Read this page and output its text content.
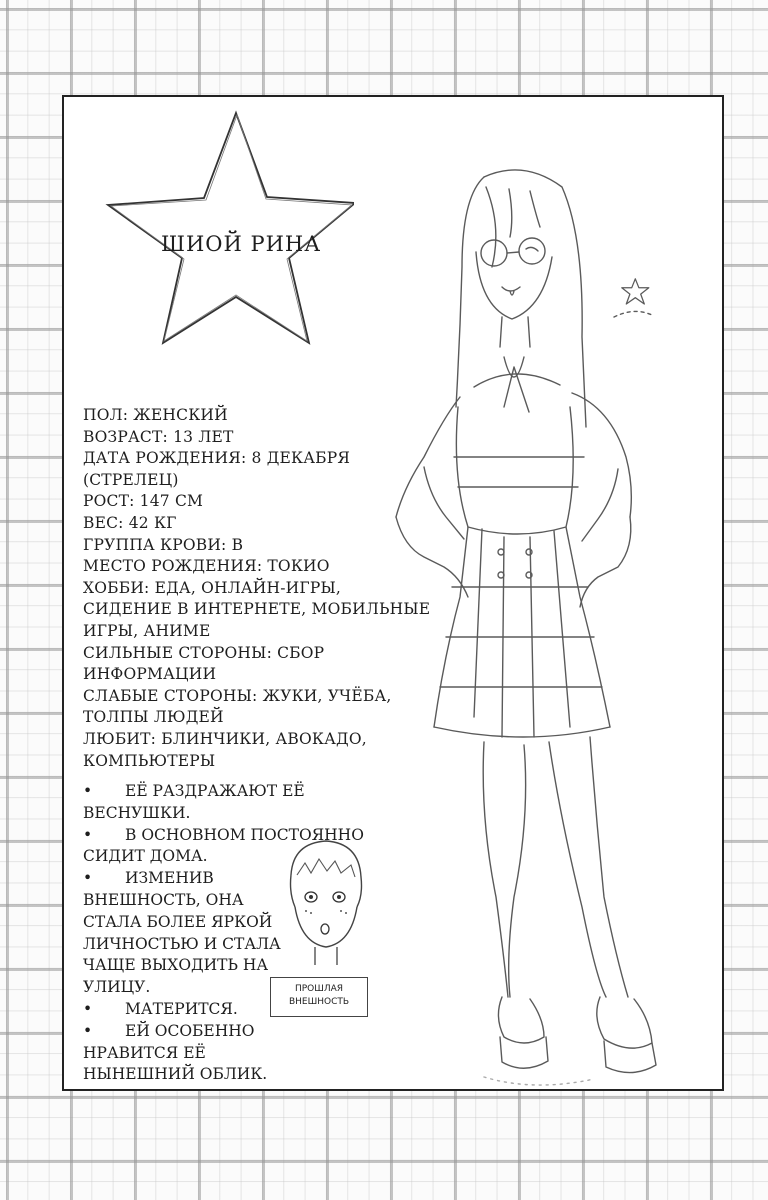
ШИОЙ РИНА
ПОЛ: ЖЕНСКИЙ
ВОЗРАСТ: 13 ЛЕТ
ДАТА РОЖДЕНИЯ: 8 ДЕКАБРЯ
(СТРЕЛЕЦ)
РОСТ: 147 СМ
ВЕС: 42 КГ
ГРУППА КРОВИ: В
МЕСТО РОЖДЕНИЯ: ТОКИО
ХОББИ: ЕДА, ОНЛАЙН-ИГРЫ,
СИДЕНИЕ В ИНТЕРНЕТЕ, МОБИЛЬНЫЕ
ИГРЫ, АНИМЕ
СИЛЬНЫЕ СТОРОНЫ: СБОР
ИНФОРМАЦИИ
СЛАБЫЕ СТОРОНЫ: ЖУКИ, УЧЁБА,
ТОЛПЫ ЛЮДЕЙ
ЛЮБИТ: БЛИНЧИКИ, АВОКАДО,
КОМПЬЮТЕРЫ
• ЕЁ РАЗДРАЖАЮТ ЕЁ ВЕСНУШКИ.
• В ОСНОВНОМ ПОСТОЯННО
СИДИТ ДОМА.
• ИЗМЕНИВ
ВНЕШНОСТЬ, ОНА
СТАЛА БОЛЕЕ ЯРКОЙ
ЛИЧНОСТЬЮ И СТАЛА
ЧАЩЕ ВЫХОДИТЬ НА
УЛИЦУ.
• МАТЕРИТСЯ.
• ЕЙ ОСОБЕННО
НРАВИТСЯ ЕЁ
НЫНЕШНИЙ ОБЛИК.
ПРОШЛАЯ
ВНЕШНОСТЬ
